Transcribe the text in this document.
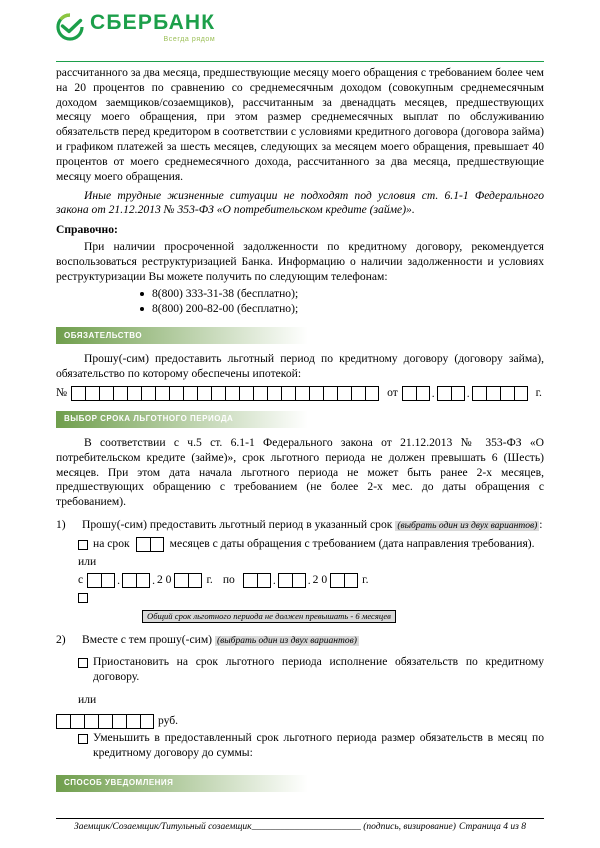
СБЕРБАНК
Всегда рядом

рассчитанного за два месяца, предшествующие месяцу моего обращения с требованием более чем на 20 процентов по сравнению со среднемесячным доходом (совокупным среднемесячным доходом заемщиков/созаемщиков), рассчитанным за двенадцать месяцев, предшествующих месяцу моего обращения, при этом размер среднемесячных выплат по обслуживанию обязательств перед кредитором в соответствии с условиями кредитного договора (договора займа) и графиком платежей за шесть месяцев, следующих за месяцем моего обращения, превышает 40 процентов от моего среднемесячного дохода, рассчитанного за два месяца, предшествующие месяцу моего обращения.

Иные трудные жизненные ситуации не подходят под условия ст. 6.1-1 Федерального закона от 21.12.2013 № 353-ФЗ «О потребительском кредите (займе)».

Справочно:

При наличии просроченной задолженности по кредитному договору, рекомендуется воспользоваться реструктуризацией Банка. Информацию о наличии задолженности и условиях реструктуризации Вы можете получить по следующим телефонам:

8(800) 333-31-38 (бесплатно);
8(800) 200-82-00 (бесплатно);
ОБЯЗАТЕЛЬСТВО

Прошу(-сим) предоставить льготный период по кредитному договору (договору займа), обязательство по которому обеспечены ипотекой:

№	от	.	.	г.
ВЫБОР СРОКА ЛЬГОТНОГО ПЕРИОДА

В соответствии с ч.5 ст. 6.1-1 Федерального закона от 21.12.2013 № 353-ФЗ «О потребительском кредите (займе)», срок льготного периода не должен превышать 6 (Шесть) месяцев. При этом дата начала льготного периода не может быть ранее 2-х месяцев, предшествующих обращению с требованием (не более 2-х мес. до даты обращения с требованием).

1)	Прошу(-сим) предоставить льготный период в указанный срок (выбрать один из двух вариантов) :
на срок	месяцев с даты обращения с требованием (дата направления требования).
или
с	.	. 2 0	г. по	.	. 2 0	г.
Общий срок льготного периода не должен превышать - 6 месяцев
2)	Вместе с тем прошу(-сим) (выбрать один из двух вариантов)
Приостановить на срок льготного периода исполнение обязательств по кредитному договору.
или
руб.
Уменьшить в предоставленный срок льготного периода размер обязательств в месяц по кредитному договору до суммы:
СПОСОБ УВЕДОМЛЕНИЯ
Заемщик/Созаемщик/Титульный созаемщик_______________________ (подпись, визирование) Страница 4 из 8
